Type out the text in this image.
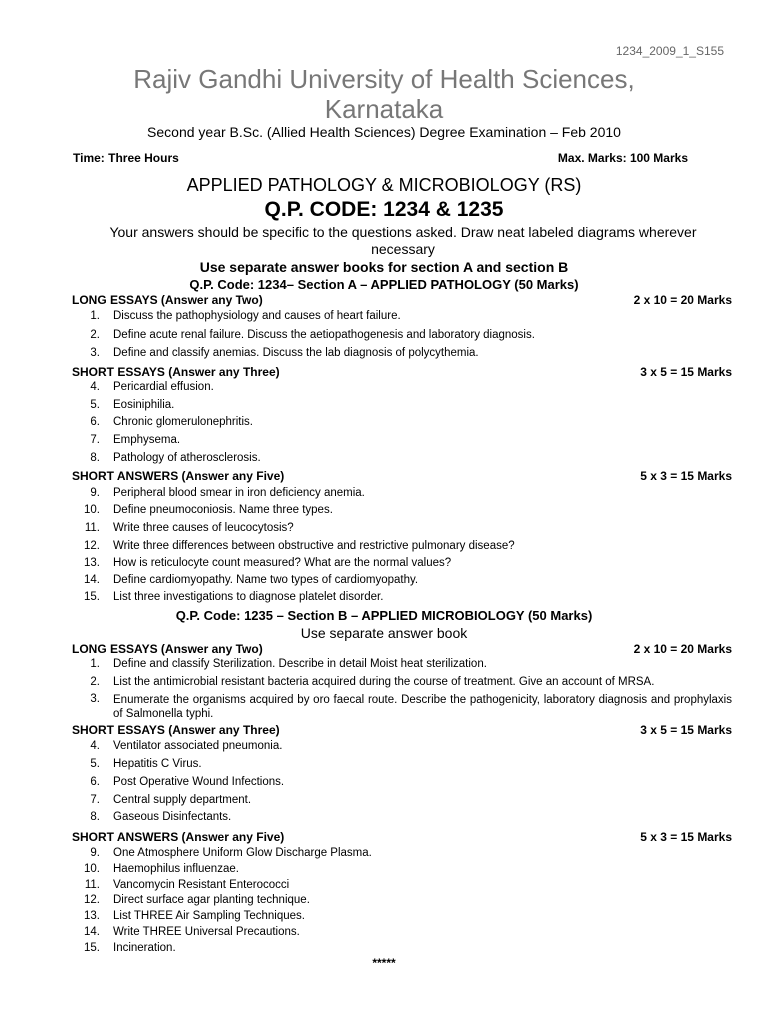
1234_2009_1_S155
Rajiv Gandhi University of Health Sciences,
Karnataka
Second year B.Sc. (Allied Health Sciences) Degree Examination – Feb 2010
Time: Three Hours	Max. Marks: 100 Marks
APPLIED PATHOLOGY & MICROBIOLOGY (RS)
Q.P. CODE: 1234 & 1235
Your answers should be specific to the questions asked. Draw neat labeled diagrams wherever necessary
Use separate answer books for section A and section B
Q.P. Code: 1234– Section A – APPLIED PATHOLOGY (50 Marks)
LONG ESSAYS (Answer any Two)	2 x 10 = 20 Marks
1. Discuss the pathophysiology and causes of heart failure.
2. Define acute renal failure. Discuss the aetiopathogenesis and laboratory diagnosis.
3. Define and classify anemias. Discuss the lab diagnosis of polycythemia.
SHORT ESSAYS (Answer any Three)	3 x 5 = 15 Marks
4. Pericardial effusion.
5. Eosiniphilia.
6. Chronic glomerulonephritis.
7. Emphysema.
8. Pathology of atherosclerosis.
SHORT ANSWERS (Answer any Five)	5 x 3 = 15 Marks
9. Peripheral blood smear in iron deficiency anemia.
10. Define pneumoconiosis. Name three types.
11. Write three causes of leucocytosis?
12. Write three differences between obstructive and restrictive pulmonary disease?
13. How is reticulocyte count measured? What are the normal values?
14. Define cardiomyopathy. Name two types of cardiomyopathy.
15. List three investigations to diagnose platelet disorder.
Q.P. Code: 1235 – Section B – APPLIED MICROBIOLOGY (50 Marks)
Use separate answer book
LONG ESSAYS (Answer any Two)	2 x 10 = 20 Marks
1. Define and classify Sterilization. Describe in detail Moist heat sterilization.
2. List the antimicrobial resistant bacteria acquired during the course of treatment. Give an account of MRSA.
3. Enumerate the organisms acquired by oro faecal route. Describe the pathogenicity, laboratory diagnosis and prophylaxis of Salmonella typhi.
SHORT ESSAYS (Answer any Three)	3 x 5 = 15 Marks
4. Ventilator associated pneumonia.
5. Hepatitis C Virus.
6. Post Operative Wound Infections.
7. Central supply department.
8. Gaseous Disinfectants.
SHORT ANSWERS (Answer any Five)	5 x 3 = 15 Marks
9. One Atmosphere Uniform Glow Discharge Plasma.
10. Haemophilus influenzae.
11. Vancomycin Resistant Enterococci
12. Direct surface agar planting technique.
13. List THREE Air Sampling Techniques.
14. Write THREE Universal Precautions.
15. Incineration.
*****
